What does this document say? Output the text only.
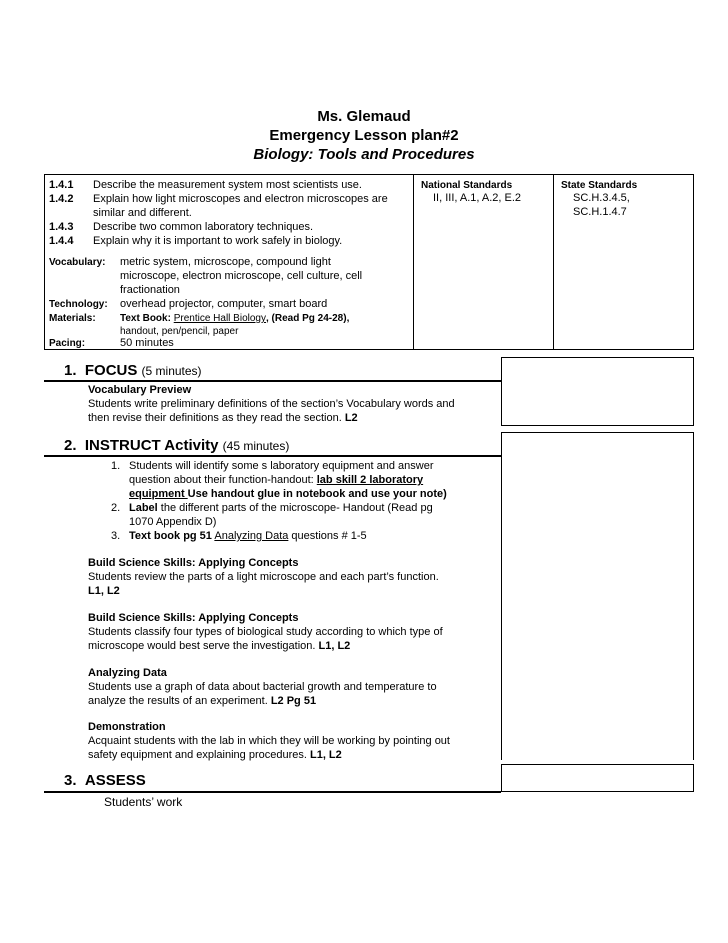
Ms. Glemaud
Emergency Lesson plan#2
Biology: Tools and Procedures
1.4.1 Describe the measurement system most scientists use.
1.4.2 Explain how light microscopes and electron microscopes are similar and different.
1.4.3 Describe two common laboratory techniques.
1.4.4 Explain why it is important to work safely in biology.
National Standards
II, III, A.1, A.2, E.2
State Standards
SC.H.3.4.5,
SC.H.1.4.7
Vocabulary: metric system, microscope, compound light
microscope, electron microscope, cell culture, cell
fractionation
Technology: overhead projector, computer, smart board
Materials: Text Book: Prentice Hall Biology, (Read Pg 24-28),
handout, pen/pencil, paper
Pacing:	50 minutes
1. FOCUS (5 minutes)
Vocabulary Preview
Students write preliminary definitions of the section’s Vocabulary words and
then revise their definitions as they read the section. L2
2. INSTRUCT Activity (45 minutes)
1. Students will identify some s laboratory equipment and answer
question about their function-handout: lab skill 2 laboratory
equipment Use handout glue in notebook and use your note)
2. Label the different parts of the microscope- Handout (Read pg
1070 Appendix D)
3. Text book pg 51 Analyzing Data questions # 1-5
Build Science Skills: Applying Concepts
Students review the parts of a light microscope and each part’s function.
L1, L2
Build Science Skills: Applying Concepts
Students classify four types of biological study according to which type of
microscope would best serve the investigation. L1, L2
Analyzing Data
Students use a graph of data about bacterial growth and temperature to
analyze the results of an experiment. L2 Pg 51
Demonstration
Acquaint students with the lab in which they will be working by pointing out
safety equipment and explaining procedures. L1, L2
3. ASSESS
Students’ work
